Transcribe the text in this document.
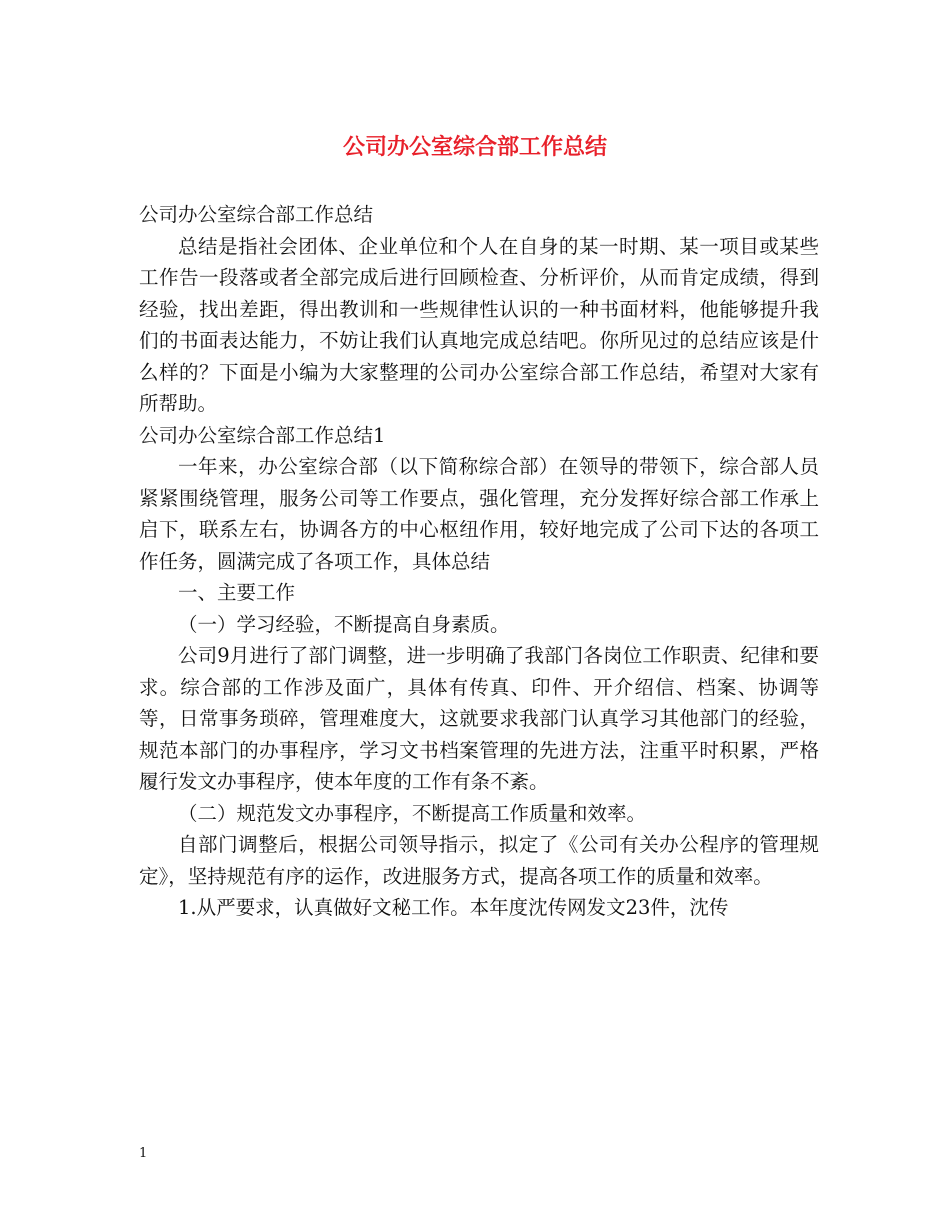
公司办公室综合部工作总结

公司办公室综合部工作总结

总结是指社会团体、企业单位和个人在自身的某一时期、某一项目或某些工作告一段落或者全部完成后进行回顾检查、分析评价，从而肯定成绩，得到经验，找出差距，得出教训和一些规律性认识的一种书面材料，他能够提升我们的书面表达能力，不妨让我们认真地完成总结吧。你所见过的总结应该是什么样的？下面是小编为大家整理的公司办公室综合部工作总结，希望对大家有所帮助。

公司办公室综合部工作总结1

一年来，办公室综合部（以下简称综合部）在领导的带领下，综合部人员紧紧围绕管理，服务公司等工作要点，强化管理，充分发挥好综合部工作承上启下，联系左右，协调各方的中心枢纽作用，较好地完成了公司下达的各项工作任务，圆满完成了各项工作，具体总结

一、主要工作

（一）学习经验，不断提高自身素质。

公司9月进行了部门调整，进一步明确了我部门各岗位工作职责、纪律和要求。综合部的工作涉及面广，具体有传真、印件、开介绍信、档案、协调等等，日常事务琐碎，管理难度大，这就要求我部门认真学习其他部门的经验，规范本部门的办事程序，学习文书档案管理的先进方法，注重平时积累，严格履行发文办事程序，使本年度的工作有条不紊。

（二）规范发文办事程序，不断提高工作质量和效率。

自部门调整后，根据公司领导指示，拟定了《公司有关办公程序的管理规定》，坚持规范有序的运作，改进服务方式，提高各项工作的质量和效率。

1.从严要求，认真做好文秘工作。本年度沈传网发文23件，沈传

1
